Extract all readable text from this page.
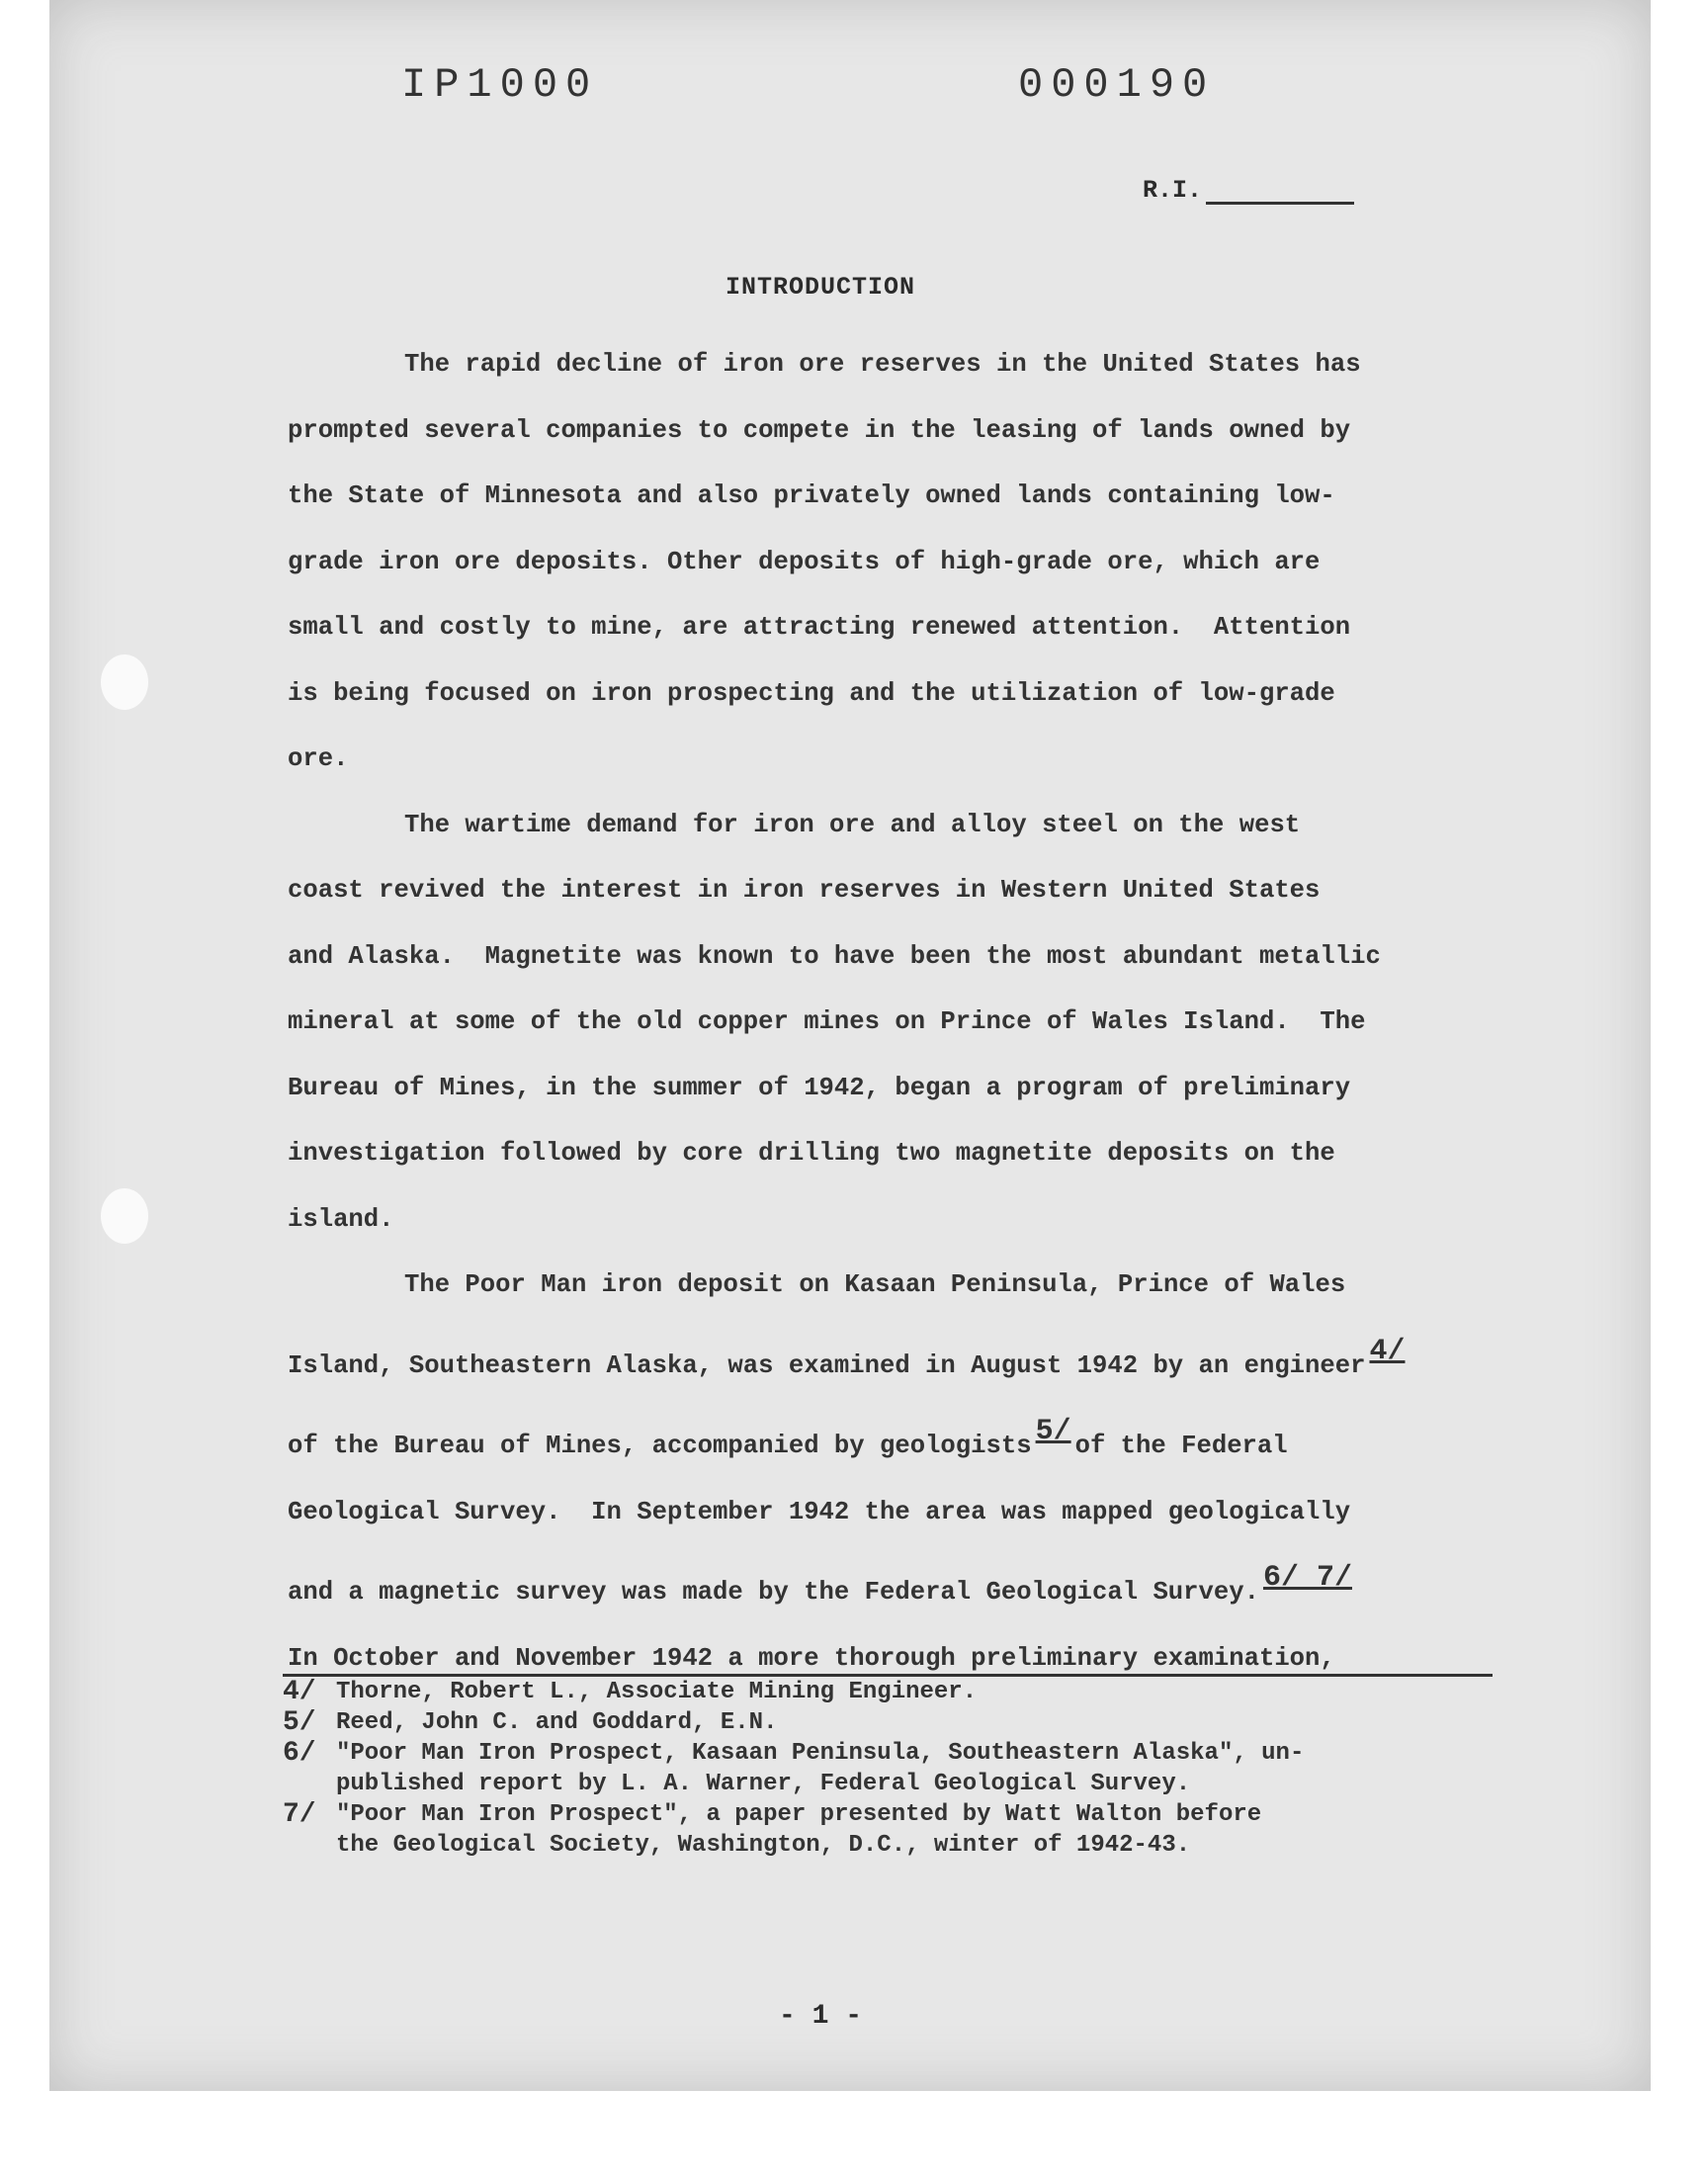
IP1000	000190
R.I.
INTRODUCTION
The rapid decline of iron ore reserves in the United States has
prompted several companies to compete in the leasing of lands owned by
the State of Minnesota and also privately owned lands containing low-
grade iron ore deposits. Other deposits of high-grade ore, which are
small and costly to mine, are attracting renewed attention.  Attention
is being focused on iron prospecting and the utilization of low-grade
ore.
The wartime demand for iron ore and alloy steel on the west
coast revived the interest in iron reserves in Western United States
and Alaska.  Magnetite was known to have been the most abundant metallic
mineral at some of the old copper mines on Prince of Wales Island.  The
Bureau of Mines, in the summer of 1942, began a program of preliminary
investigation followed by core drilling two magnetite deposits on the
island.
The Poor Man iron deposit on Kasaan Peninsula, Prince of Wales
Island, Southeastern Alaska, was examined in August 1942 by an engineer $^{4/}$
of the Bureau of Mines, accompanied by geologists $^{5/}$ of the Federal
Geological Survey.  In September 1942 the area was mapped geologically
and a magnetic survey was made by the Federal Geological Survey. $^{6/ 7/}$
In October and November 1942 a more thorough preliminary examination,
4/ Thorne, Robert L., Associate Mining Engineer.
5/ Reed, John C. and Goddard, E.N.
6/ "Poor Man Iron Prospect, Kasaan Peninsula, Southeastern Alaska", un-
published report by L. A. Warner, Federal Geological Survey.
7/ "Poor Man Iron Prospect", a paper presented by Watt Walton before
the Geological Society, Washington, D.C., winter of 1942-43.
- 1 -
